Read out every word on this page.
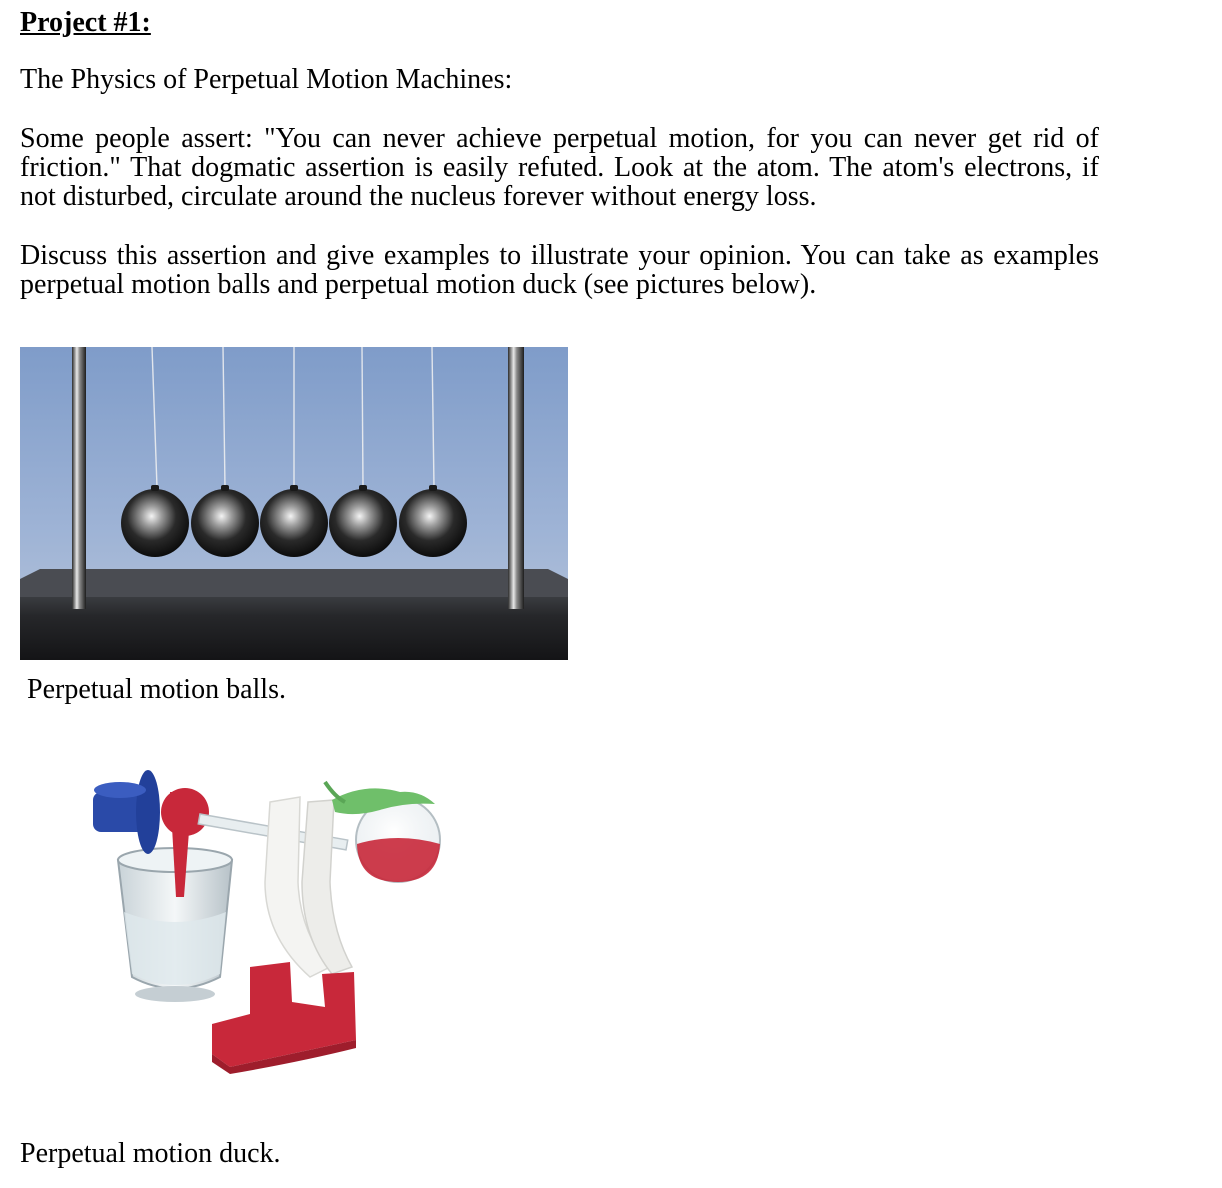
Project #1:
The Physics of Perpetual Motion Machines:
Some people assert: "You can never achieve perpetual motion, for you can never get rid of friction." That dogmatic assertion is easily refuted. Look at the atom. The atom's electrons, if not disturbed, circulate around the nucleus forever without energy loss.
Discuss this assertion and give examples to illustrate your opinion. You can take as examples perpetual motion balls and perpetual motion duck (see pictures below).
Perpetual motion balls.
Perpetual motion duck.
